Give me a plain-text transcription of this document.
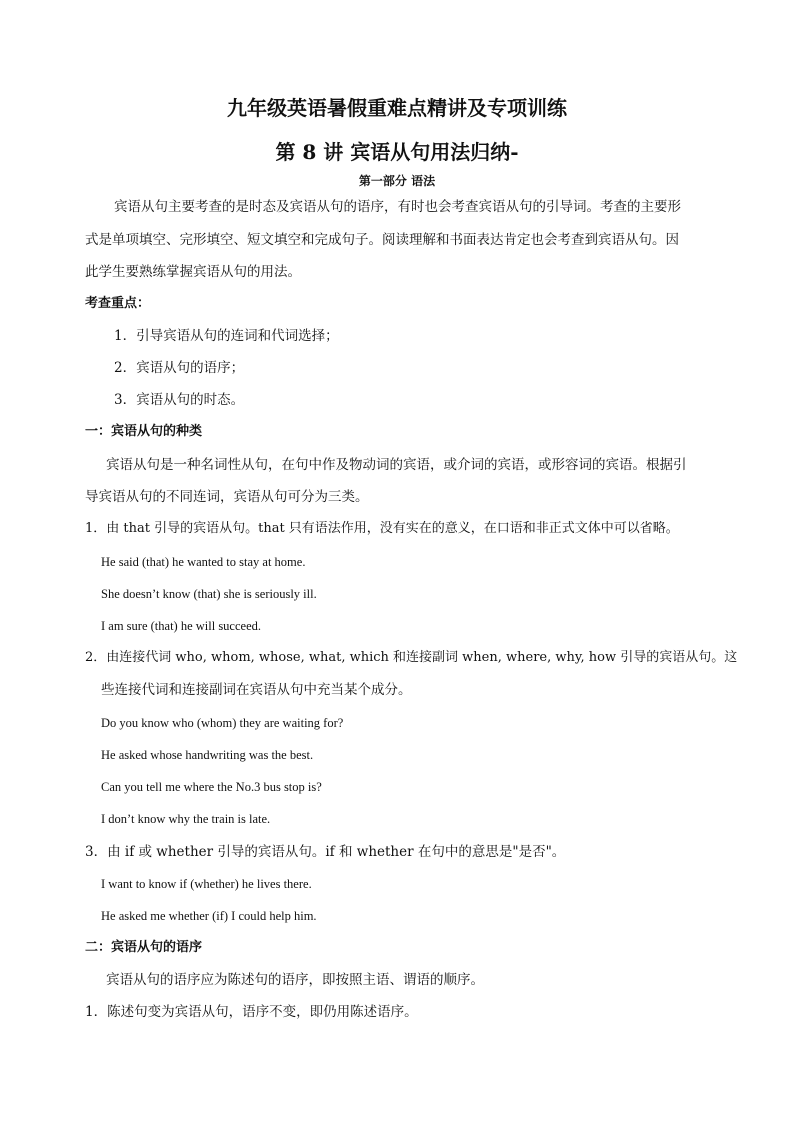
九年级英语暑假重难点精讲及专项训练
第 8 讲 宾语从句用法归纳-
第一部分 语法
宾语从句主要考查的是时态及宾语从句的语序，有时也会考查宾语从句的引导词。考查的主要形
式是单项填空、完形填空、短文填空和完成句子。阅读理解和书面表达肯定也会考查到宾语从句。因
此学生要熟练掌握宾语从句的用法。
考查重点：
1．引导宾语从句的连词和代词选择；
2．宾语从句的语序；
3．宾语从句的时态。
一：宾语从句的种类
宾语从句是一种名词性从句，在句中作及物动词的宾语，或介词的宾语，或形容词的宾语。根据引
导宾语从句的不同连词，宾语从句可分为三类。
1．由 that 引导的宾语从句。that 只有语法作用，没有实在的意义，在口语和非正式文体中可以省略。
He said (that) he wanted to stay at home.
She doesn’t know (that) she is seriously ill.
I am sure (that) he will succeed.
2．由连接代词 who, whom, whose, what, which 和连接副词 when, where, why, how 引导的宾语从句。这
些连接代词和连接副词在宾语从句中充当某个成分。
Do you know who (whom) they are waiting for?
He asked whose handwriting was the best.
Can you tell me where the No.3 bus stop is?
I don’t know why the train is late.
3．由 if 或 whether 引导的宾语从句。if 和 whether 在句中的意思是"是否"。
I want to know if (whether) he lives there.
He asked me whether (if) I could help him.
二：宾语从句的语序
宾语从句的语序应为陈述句的语序，即按照主语、谓语的顺序。
1．陈述句变为宾语从句，语序不变，即仍用陈述语序。
